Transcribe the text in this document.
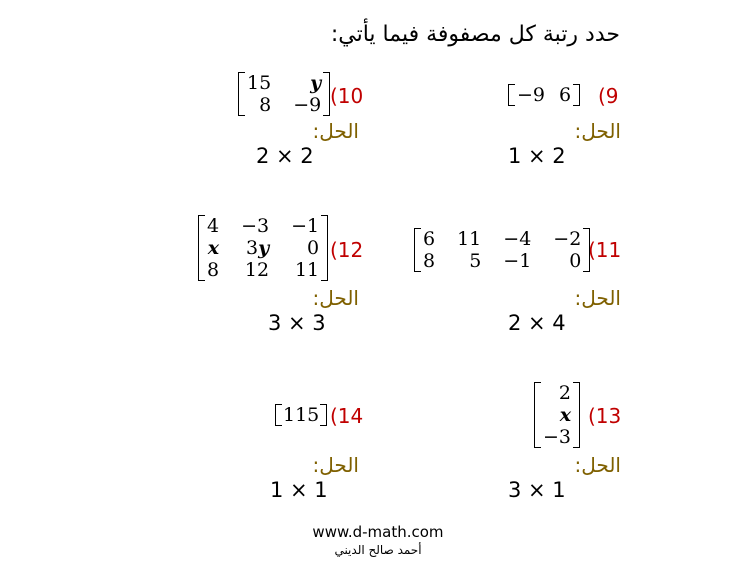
حدد رتبة كل مصفوفة فيما يأتي:
(9
−9 6
الحل:
1 × 2
(10
15	y
8 −9
الحل:
2 × 2
(11
6 11 −4 −2
8	5 −1	0
الحل:
2 × 4
(12
4 −3 −1
x 3y	0
8 12 11
الحل:
3 × 3
(13
2
x
−3
الحل:
3 × 1
(14
115
الحل:
1 × 1
www.d-math.com
أحمد صالح الديني
